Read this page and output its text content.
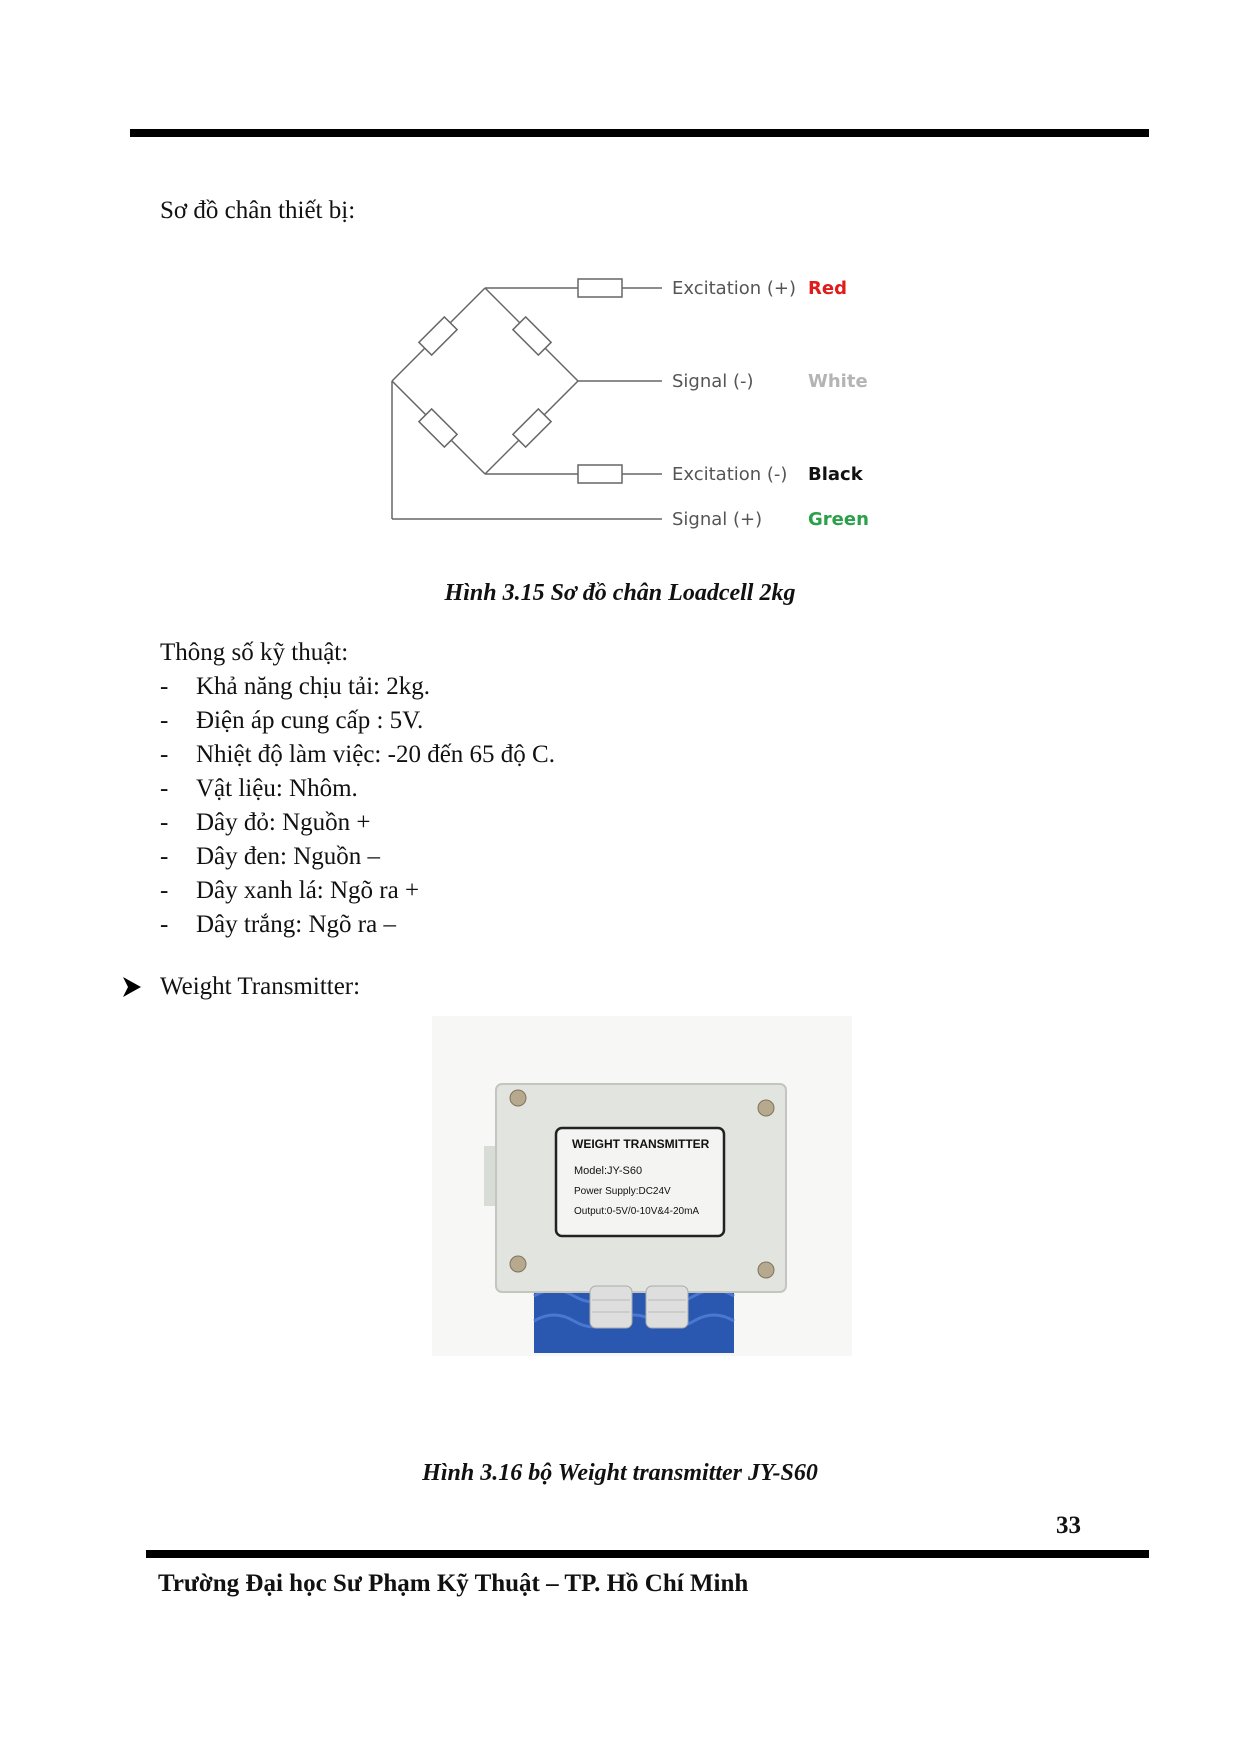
Sơ đồ chân thiết bị:
Excitation (+)
Signal (-)
Excitation (-)
Signal (+)
Red
White
Black
Green
Hình 3.15 Sơ đồ chân Loadcell 2kg
Thông số kỹ thuật:
- Khả năng chịu tải: 2kg.
- Điện áp cung cấp : 5V.
- Nhiệt độ làm việc: -20 đến 65 độ C.
- Vật liệu: Nhôm.
- Dây đỏ: Nguồn +
- Dây đen: Nguồn –
- Dây xanh lá: Ngõ ra +
- Dây trắng: Ngõ ra –
Weight Transmitter:
WEIGHT TRANSMITTER
Model:JY-S60
Power Supply:DC24V
Output:0-5V/0-10V&4-20mA
Hình 3.16 bộ Weight transmitter JY-S60
33
Trường Đại học Sư Phạm Kỹ Thuật – TP. Hồ Chí Minh
